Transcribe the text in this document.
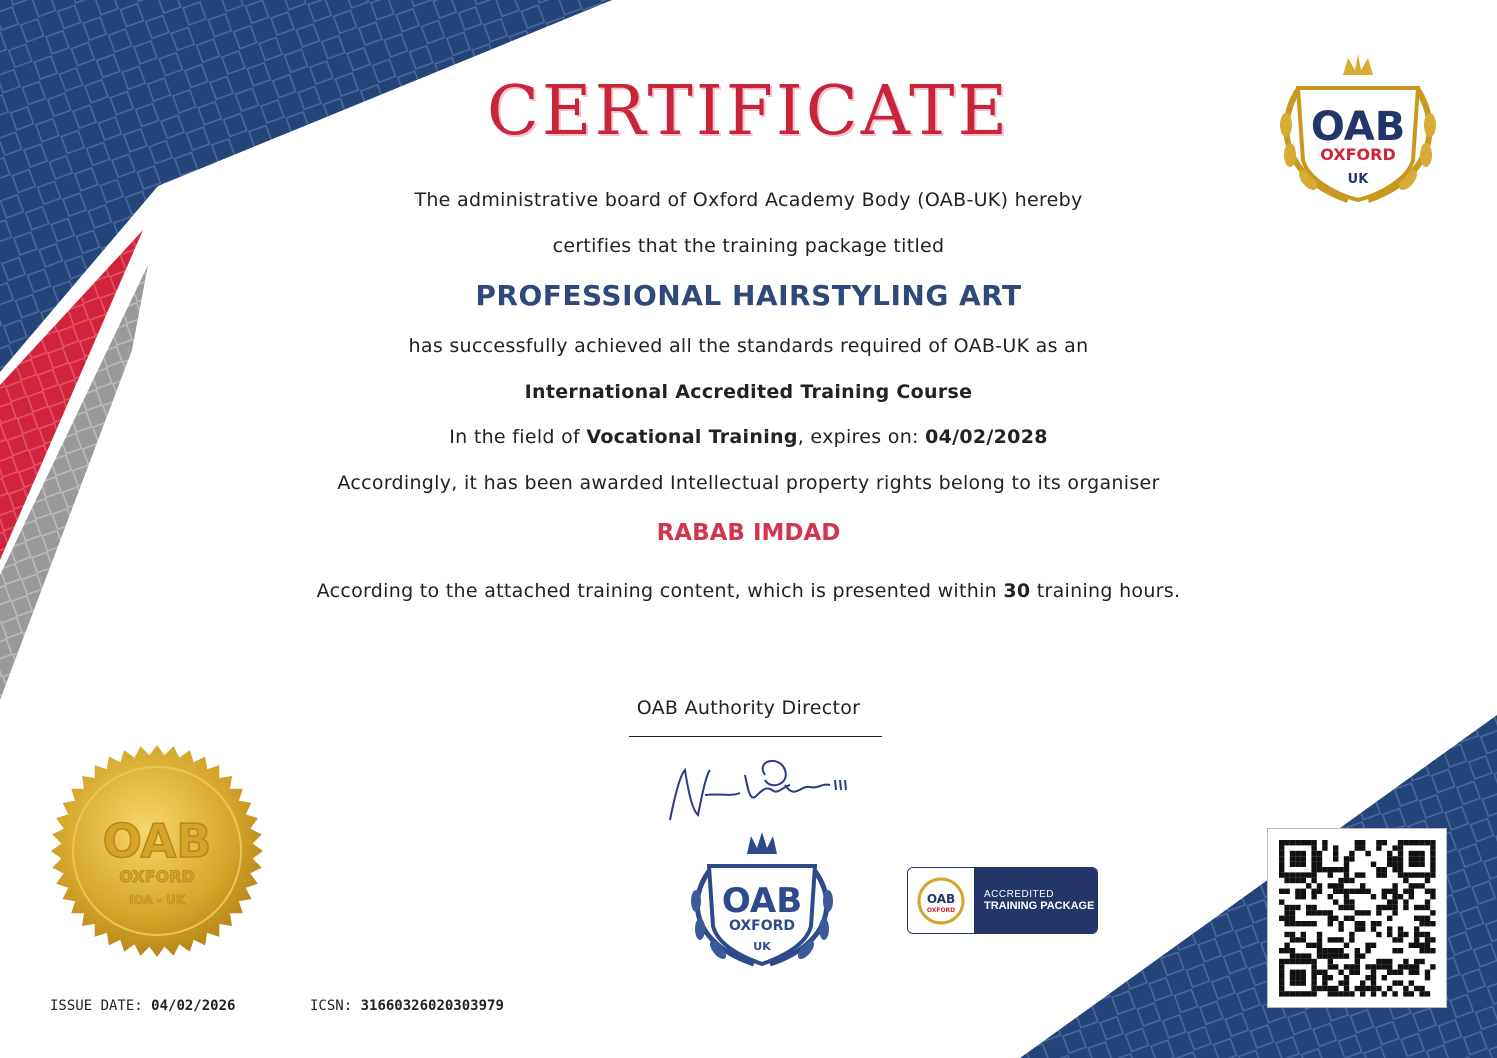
CERTIFICATE
The administrative board of Oxford Academy Body (OAB-UK) hereby
certifies that the training package titled
PROFESSIONAL HAIRSTYLING ART
has successfully achieved all the standards required of OAB-UK as an
International Accredited Training Course
In the field of Vocational Training, expires on: 04/02/2028
Accordingly, it has been awarded Intellectual property rights belong to its organiser
RABAB IMDAD
According to the attached training content, which is presented within 30 training hours.
OAB Authority Director
OAB
OXFORD
UK
OAB
OXFORD
IOA - UK	OAB
OXFORD
UK
OAB
OXFORD
ACCREDITED
TRAINING PACKAGE
ISSUE DATE: 04/02/2026	ICSN: 31660326020303979
